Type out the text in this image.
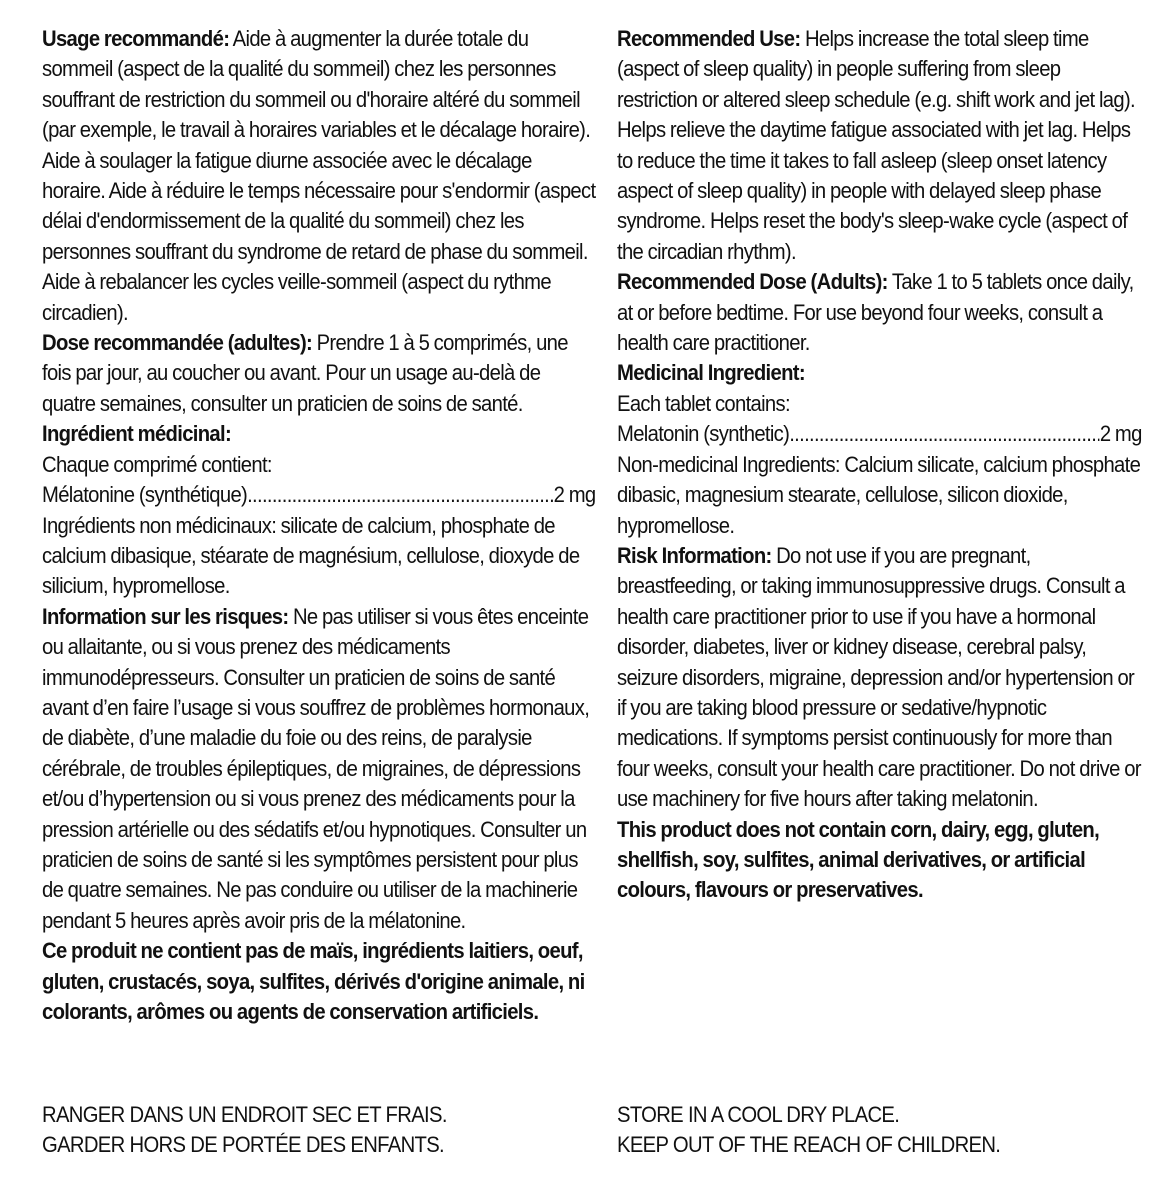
Usage recommandé: Aide à augmenter la durée totale du sommeil (aspect de la qualité du sommeil) chez les personnes souffrant de restriction du sommeil ou d'horaire altéré du sommeil (par exemple, le travail à horaires variables et le décalage horaire). Aide à soulager la fatigue diurne associée avec le décalage horaire. Aide à réduire le temps nécessaire pour s'endormir (aspect délai d'endormissement de la qualité du sommeil) chez les personnes souffrant du syndrome de retard de phase du sommeil. Aide à rebalancer les cycles veille-sommeil (aspect du rythme circadien).

Dose recommandée (adultes): Prendre 1 à 5 comprimés, une fois par jour, au coucher ou avant. Pour un usage au-delà de quatre semaines, consulter un praticien de soins de santé.

Ingrédient médicinal:
Chaque comprimé contient:
Mélatonine (synthétique) .....	2 mg
Ingrédients non médicinaux: silicate de calcium, phosphate de calcium dibasique, stéarate de magnésium, cellulose, dioxyde de silicium, hypromellose.

Information sur les risques: Ne pas utiliser si vous êtes enceinte ou allaitante, ou si vous prenez des médicaments immunodépresseurs. Consulter un praticien de soins de santé avant d’en faire l’usage si vous souffrez de problèmes hormonaux, de diabète, d’une maladie du foie ou des reins, de paralysie cérébrale, de troubles épileptiques, de migraines, de dépressions et/ou d’hypertension ou si vous prenez des médicaments pour la pression artérielle ou des sédatifs et/ou hypnotiques. Consulter un praticien de soins de santé si les symptômes persistent pour plus de quatre semaines. Ne pas conduire ou utiliser de la machinerie pendant 5 heures après avoir pris de la mélatonine.

Ce produit ne contient pas de maïs, ingrédients laitiers, oeuf, gluten, crustacés, soya, sulfites, dérivés d'origine animale, ni colorants, arômes ou agents de conservation artificiels.

Recommended Use: Helps increase the total sleep time (aspect of sleep quality) in people suffering from sleep restriction or altered sleep schedule (e.g. shift work and jet lag). Helps relieve the daytime fatigue associated with jet lag. Helps to reduce the time it takes to fall asleep (sleep onset latency aspect of sleep quality) in people with delayed sleep phase syndrome. Helps reset the body's sleep-wake cycle (aspect of the circadian rhythm).

Recommended Dose (Adults): Take 1 to 5 tablets once daily, at or before bedtime. For use beyond four weeks, consult a health care practitioner.

Medicinal Ingredient:
Each tablet contains:
Melatonin (synthetic) .....	2 mg
Non-medicinal Ingredients: Calcium silicate, calcium phosphate dibasic, magnesium stearate, cellulose, silicon dioxide, hypromellose.

Risk Information: Do not use if you are pregnant, breastfeeding, or taking immunosuppressive drugs. Consult a health care practitioner prior to use if you have a hormonal disorder, diabetes, liver or kidney disease, cerebral palsy, seizure disorders, migraine, depression and/or hypertension or if you are taking blood pressure or sedative/hypnotic medications. If symptoms persist continuously for more than four weeks, consult your health care practitioner. Do not drive or use machinery for five hours after taking melatonin.

This product does not contain corn, dairy, egg, gluten, shellfish, soy, sulfites, animal derivatives, or artificial colours, flavours or preservatives.

RANGER DANS UN ENDROIT SEC ET FRAIS.
GARDER HORS DE PORTÉE DES ENFANTS.
STORE IN A COOL DRY PLACE.
KEEP OUT OF THE REACH OF CHILDREN.
